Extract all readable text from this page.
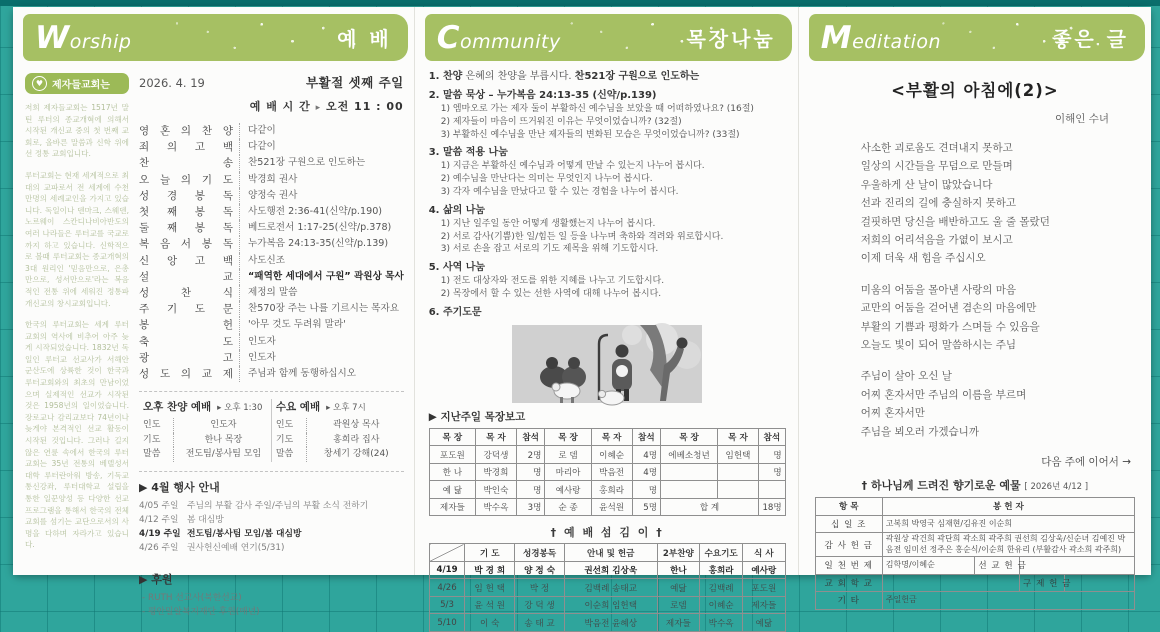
Worship	예 배
♥ 제자들교회는

저희 제자들교회는 1517년 말틴 루터의 종교개혁에 의해서 시작된 개신교 중의 첫 번째 교회로, 올바른 말씀과 신학 위에 선 정통 교회입니다.

루터교회는 현재 세계적으로 최대의 교파로서 전 세계에 수천만명의 세례교인을 가지고 있습니다. 독일이나 덴마크, 스웨덴, 노르웨이 스칸디나비아반도의 여러 나라들은 루터교를 국교로까지 하고 있습니다. 신학적으로 볼때 루터교회는 종교개혁의 3대 원리인 '믿음만으로, 은총만으로, 성서만으로'라는 복음적인 전통 위에 세워진 정통파 개신교의 창시교회입니다.

한국의 루터교회는 세계 루터 교회의 역사에 비추어 아주 늦게 시작되었습니다. 1832년 독일인 루터교 선교사가 서해안 군산도에 상륙한 것이 한국과 루터교회와의 최초의 만남이었으며 실제적인 선교가 시작된 것은 1958년의 일이었습니다. 장로교나 감리교보다 74년이나 늦게야 본격적인 선교 활동이 시작된 것입니다. 그러나 길지 않은 연륜 속에서 한국의 루터교회는 35년 전통의 베델성서대학 루터란아워 방송, 기독교 통신강좌, 루터대학교 설립을 통한 일꾼양성 등 다양한 선교 프로그램을 통해서 한국의 전체 교회를 섬기는 교단으로서의 사명을 다하며 자라가고 있습니다.

2026. 4. 19	부활절 셋째 주일
예 배 시 간 ▸ 오전 11 : 00
영 혼 의 찬 양	다같이
죄 의 고 백	다같이
찬 송	찬521장 구원으로 인도하는
오 늘 의 기 도	박경희 권사
성 경 봉 독	양정숙 권사
첫 째 봉 독	사도행전 2:36-41(신약/p.190)
둘 째 봉 독	베드로전서 1:17-25(신약/p.378)
복 음 서 봉 독	누가복음 24:13-35(신약/p.139)
신 앙 고 백	사도신조
설 교	“패역한 세대에서 구원” 곽원상 목사
성 찬 식	제정의 말씀
주 기 도 문	찬570장 주는 나를 기르시는 목자요
봉 헌	'아무 것도 두려워 말라'
축 도	인도자
광 고	인도자
성 도 의 교 제	주님과 함께 동행하십시오
오후 찬양 예배 ▸ 오후 1:30
인도	인도자
기도	한나 목장
말씀	전도팀/봉사팀 모임
수요 예배 ▸ 오후 7시
인도	곽원상 목사
기도	홍희라 집사
말씀	창세기 강해(24)
▶ 4월 행사 안내
4/05 주일 주님의 부활 감사 주일/주님의 부활 소식 전하기
4/12 주일 봄 대심방
4/19 주일 전도팀/봉사팀 모임/봄 대심방
4/26 주일 권사헌신예배 연기(5/31)
▶ 후원
- RUTH 선교사(북한선교)
- 평안밀알복지재단 후원(매년)
Community	목장나눔
1. 찬양 은혜의 찬양을 부릅시다. 찬521장 구원으로 인도하는
2. 말씀 묵상 – 누가복음 24:13-35 (신약/p.139)
1) 엠마오로 가는 제자 둘이 부활하신 예수님을 보았을 때 어떠하였나요? (16절)
2) 제자들이 마음이 뜨거워진 이유는 무엇이었습니까? (32절)
3) 부활하신 예수님을 만난 제자들의 변화된 모습은 무엇이었습니까? (33절)
3. 말씀 적용 나눔
1) 지금은 부활하신 예수님과 어떻게 만날 수 있는지 나누어 봅시다.
2) 예수님을 만난다는 의미는 무엇인지 나누어 봅시다.
3) 각자 예수님을 만났다고 할 수 있는 경험을 나누어 봅시다.
4. 삶의 나눔
1) 지난 일주일 동안 어떻게 생활했는지 나누어 봅시다.
2) 서로 감사(기쁨)한 일/힘든 일 등을 나누며 축하와 격려와 위로합시다.
3) 서로 손을 잡고 서로의 기도 제목을 위해 기도합시다.
5. 사역 나눔
1) 전도 대상자와 전도를 위한 지혜를 나누고 기도합시다.
2) 목장에서 할 수 있는 선한 사역에 대해 나누어 봅시다.
6. 주기도문
▶ 지난주일 목장보고
목 장	목 자	참석	목 장	목 자	참석	목 장	목 자	참석
포도원	강덕생	2명	로 뎀	이혜순	4명	에베소청년	임헌택	명
한 나	박경희	명	마리아	박음전	4명			명
예 닮	박인숙	명	예사랑	홍희라	명			
제자들	박수옥	3명	순 종	윤석원	5명	합 계		18명
† 예 배 섬 김 이 †
	기 도	성경봉독	안내 및 헌금	2부찬양	수요기도	식 사
4/19	박 경 희	양 정 숙	권선희 김상욱	한나	홍희라	예사랑
4/26	임 헌 택	박 정	김백례 송태교	예닮	김백례	포도원
5/3	윤 석 원	강 덕 생	이순희 임헌택	로뎀	이혜순	제자들
5/10	이 숙	송 태 교	박음전 윤혜상	제자들	박수옥	예닮
Meditation	좋은 글
<부활의 아침에(2)>
이해인 수녀
사소한 괴로움도 견뎌내지 못하고
일상의 시간들을 무덤으로 만들며
우울하게 산 날이 많았습니다
선과 진리의 길에 충실하지 못하고
걸핏하면 당신을 배반하고도 울 줄 몰랐던
저희의 어리석음을 가엾이 보시고
이제 더욱 새 힘을 주십시오
미움의 어둠을 몰아낸 사랑의 마음
교만의 어둠을 걷어낸 겸손의 마음에만
부활의 기쁨과 평화가 스며들 수 있음을
오늘도 빛이 되어 말씀하시는 주님
주님이 살아 오신 날
어찌 혼자서만 주님의 이름을 부르며
어찌 혼자서만
주님을 뵈오러 가겠습니까
다음 주에 이어서 →
† 하나님께 드려진 향기로운 예물 [ 2026년 4/12 ]
항 목	봉 헌 자			
십 일 조	고복희 박영국 심재현/김유진 이순희			
감 사 헌 금	곽원상 곽건희 곽단희 곽소희 곽주희 권선희 김상욱/신순녀 김예진 박음전 임미선 정주은 홍순식/이순희 한유리 (부활감사 곽소희 곽주희)			
일 천 번 제	김학명/이혜순	선 교 헌 금		
교 회 학 교			구 제 헌 금	
기 타	주일헌금			
